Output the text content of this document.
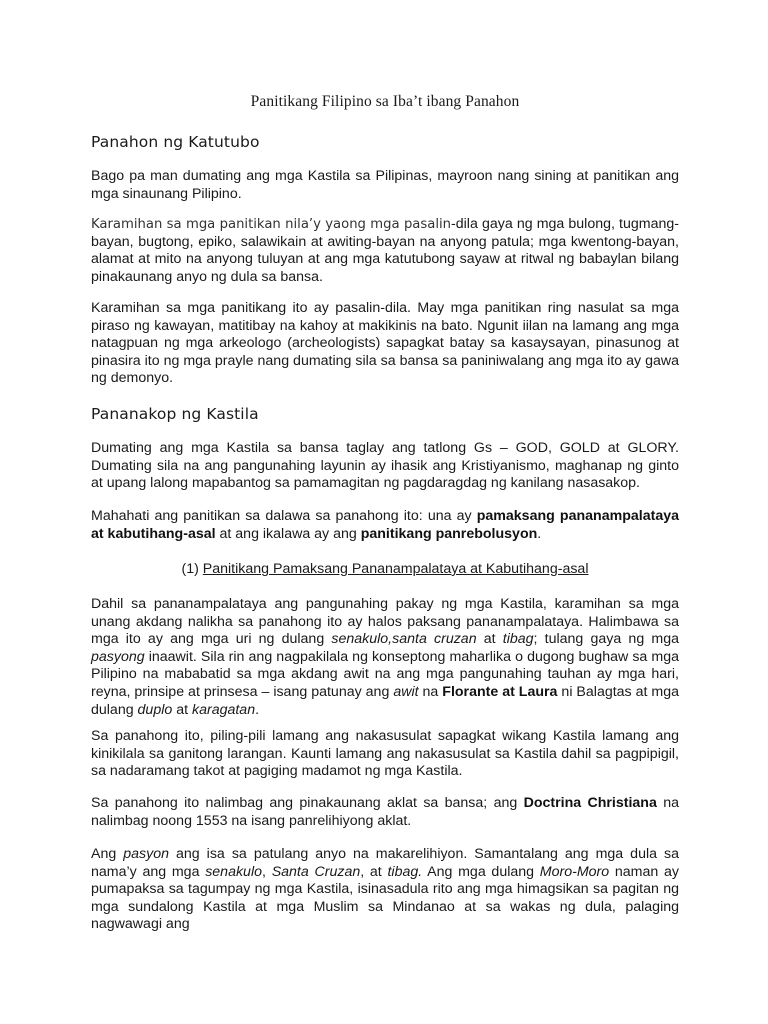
Panitikang Filipino sa Iba’t ibang Panahon
Panahon ng Katutubo

Bago pa man dumating ang mga Kastila sa Pilipinas, mayroon nang sining at panitikan ang mga sinaunang Pilipino.

Karamihan sa mga panitikan nila’y yaong mga pasalin-dila gaya ng mga bulong, tugmang-bayan, bugtong, epiko, salawikain at awiting-bayan na anyong patula; mga kwentong-bayan, alamat at mito na anyong tuluyan at ang mga katutubong sayaw at ritwal ng babaylan bilang pinakaunang anyo ng dula sa bansa.

Karamihan sa mga panitikang ito ay pasalin-dila. May mga panitikan ring nasulat sa mga piraso ng kawayan, matitibay na kahoy at makikinis na bato. Ngunit iilan na lamang ang mga natagpuan ng mga arkeologo (archeologists) sapagkat batay sa kasaysayan, pinasunog at pinasira ito ng mga prayle nang dumating sila sa bansa sa paniniwalang ang mga ito ay gawa ng demonyo.

Pananakop ng Kastila

Dumating ang mga Kastila sa bansa taglay ang tatlong Gs – GOD, GOLD at GLORY. Dumating sila na ang pangunahing layunin ay ihasik ang Kristiyanismo, maghanap ng ginto at upang lalong mapabantog sa pamamagitan ng pagdaragdag ng kanilang nasasakop.

Mahahati ang panitikan sa dalawa sa panahong ito: una ay pamaksang pananampalataya at kabutihang-asal at ang ikalawa ay ang panitikang panrebolusyon.

(1) Panitikang Pamaksang Pananampalataya at Kabutihang-asal

Dahil sa pananampalataya ang pangunahing pakay ng mga Kastila, karamihan sa mga unang akdang nalikha sa panahong ito ay halos paksang pananampalataya. Halimbawa sa mga ito ay ang mga uri ng dulang senakulo,santa cruzan at tibag; tulang gaya ng mga pasyong inaawit. Sila rin ang nagpakilala ng konseptong maharlika o dugong bughaw sa mga Pilipino na mababatid sa mga akdang awit na ang mga pangunahing tauhan ay mga hari, reyna, prinsipe at prinsesa – isang patunay ang awit na Florante at Laura ni Balagtas at mga dulang duplo at karagatan.

Sa panahong ito, piling-pili lamang ang nakasusulat sapagkat wikang Kastila lamang ang kinikilala sa ganitong larangan. Kaunti lamang ang nakasusulat sa Kastila dahil sa pagpipigil, sa nadaramang takot at pagiging madamot ng mga Kastila.

Sa panahong ito nalimbag ang pinakaunang aklat sa bansa; ang Doctrina Christiana na nalimbag noong 1553 na isang panrelihiyong aklat.

Ang pasyon ang isa sa patulang anyo na makarelihiyon. Samantalang ang mga dula sa nama’y ang mga senakulo, Santa Cruzan, at tibag. Ang mga dulang Moro-Moro naman ay pumapaksa sa tagumpay ng mga Kastila, isinasadula rito ang mga himagsikan sa pagitan ng mga sundalong Kastila at mga Muslim sa Mindanao at sa wakas ng dula, palaging nagwawagi ang
